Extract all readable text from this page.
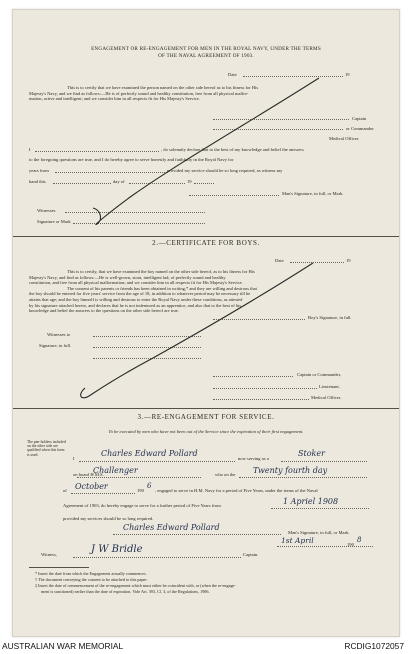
ENGAGEMENT OR RE-ENGAGEMENT FOR MEN IN THE ROYAL NAVY, UNDER THE TERMS
OF THE NAVAL AGREEMENT OF 1903.
Date	19
This is to certify that we have examined the person named on the other side hereof as to his fitness for His
Majesty's Navy, and we find as follows:—He is of perfectly sound and healthy constitution, free from all physical malfor-
mation, active and intelligent; and we consider him in all respects fit for His Majesty's Service.
Captain
or Commander.
Medical Officer.
I	, do solemnly declare that to the best of my knowledge and belief the answers
to the foregoing questions are true, and I do hereby agree to serve honestly and faithfully in the Royal Navy for
years from	provided my service should be so long required, as witness my
hand this	day of	19
Man's Signature, in full, or Mark.
Witnesses
Signature or Mark
2.—CERTIFICATE FOR BOYS.
Date	19
This is to certify, that we have examined the boy named on the other side hereof, as to his fitness for His
Majesty's Navy, and find as follows:—He is well-grown, stout, intelligent lad; of perfectly sound and healthy
constitution, and free from all physical malformation; and we consider him in all respects fit for His Majesty's Service.
The consent of his parents or friends has been obtained in writing,* and they are willing and desirous that
the boy should be entered for five years' service from the age of 18, in addition to whatever period may be necessary till he
attains that age; and the boy himself is willing and desirous to enter the Royal Navy under these conditions, as attested
by his signature attached hereto, and declares that he is not indentured as an apprentice, and also that to the best of his
knowledge and belief the answers to the questions on the other side hereof are true.
Boy's Signature, in full.
Witnesses to
Signature, in full.
Captain or Commander,
Lieutenant,
Medical Officer.
3.—RE-ENGAGEMENT FOR SERVICE.
To be executed by men who have not been out of the Service since the expiration of their first engagement.
The pen-holders included on the other side are qualified when this form is used.
I
Charles Edward Pollard
now serving as a
Stoker
on board H.M.S.
Challenger	who on the Twenty fourth day
of October	190
6
, engaged to serve in H.M. Navy for a period of Five Years, under the terms of the Naval
Agreement of 1903, do hereby engage to serve for a further period of Five Years from	1 Apriel 1908
provided my services should be so long required.
Charles Edward Pollard
Man's Signature, in full, or Mark.
1st April	190
8
Witness,	J W Bridle	Captain.
* Insert the date from which the Engagement actually commences.
† The document conveying the consent to be attached to this paper.
‡ Insert the date of commencement of the re-engagement which must either be coincident with, or (when the re-engage-
ment is sanctioned) earlier than the date of expiration. Vide Art. 393, Cl. 3, of the Regulations, 1906.
AUSTRALIAN WAR MEMORIAL	RCDIG1072057
